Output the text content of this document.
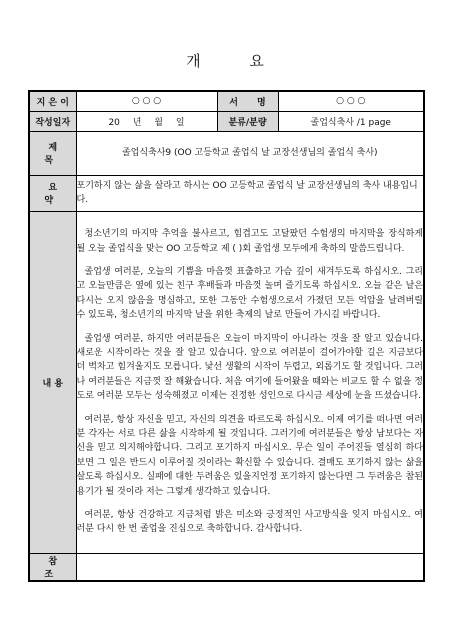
개 요
지 은 이	○ ○ ○	서 명	○ ○ ○
작성일자	20 년 월 일	분류/분량	졸업식축사 /1 page
제 목	졸업식축사9 (OO 고등학교 졸업식 날 교장선생님의 졸업식 축사)		
요 약	포기하지 않는 삶을 살라고 하시는 OO 고등학교 졸업식 날 교장선생님의 축사 내용입니다.		
내 용	청소년기의 마지막 추억을 불사르고, 힘겹고도 고달팠던 수험생의 마지막을 장식하게 될 오늘 졸업식을 맞는 OO 고등학교 제 ( )회 졸업생 모두에게 축하의 말씀드립니다.

졸업생 여러분, 오늘의 기쁨을 마음껏 표출하고 가슴 깊이 새겨두도록 하십시오. 그리고 오늘만큼은 옆에 있는 친구 후배들과 마음껏 놀며 즐기도록 하십시오. 오늘 같은 날은 다시는 오지 않음을 명심하고, 또한 그동안 수험생으로서 가졌던 모든 억압을 날려버릴 수 있도록, 청소년기의 마지막 날을 위한 축제의 날로 만들어 가시길 바랍니다.

졸업생 여러분, 하지만 여러분들은 오늘이 마지막이 아니라는 것을 잘 알고 있습니다. 새로운 시작이라는 것을 잘 알고 있습니다. 앞으로 여러분이 걸어가야할 길은 지금보다 더 벅차고 힘겨울지도 모릅니다. 낯선 생활의 시작이 두렵고, 외롭기도 할 것입니다. 그러나 여러분들은 지금껏 잘 해왔습니다. 처음 여기에 들어왔을 때와는 비교도 할 수 없을 정도로 여러분 모두는 성숙해졌고 이제는 진정한 성인으로 다시금 세상에 눈을 뜨셨습니다.

여러분, 항상 자신을 믿고, 자신의 의견을 따르도록 하십시오. 이제 여기를 떠나면 여러분 각자는 서로 다른 삶을 시작하게 될 것입니다. 그러기에 여러분들은 항상 남보다는 자신을 믿고 의지해야합니다. 그리고 포기하지 마십시오. 무슨 일이 주어진들 열심히 하다보면 그 일은 반드시 이루어질 것이라는 확신할 수 있습니다. 결매도 포기하지 않는 삶을 살도록 하십시오. 실패에 대한 두려움은 있을지언정 포기하지 않는다면 그 두려움은 참된 용기가 될 것이라 저는 그렇게 생각하고 있습니다.

여러분, 항상 건강하고 지금처럼 밝은 미소와 긍정적인 사고방식을 잊지 마십시오. 여러분 다시 한 번 졸업을 진심으로 축하합니다. 감사합니다.		

참 조			
